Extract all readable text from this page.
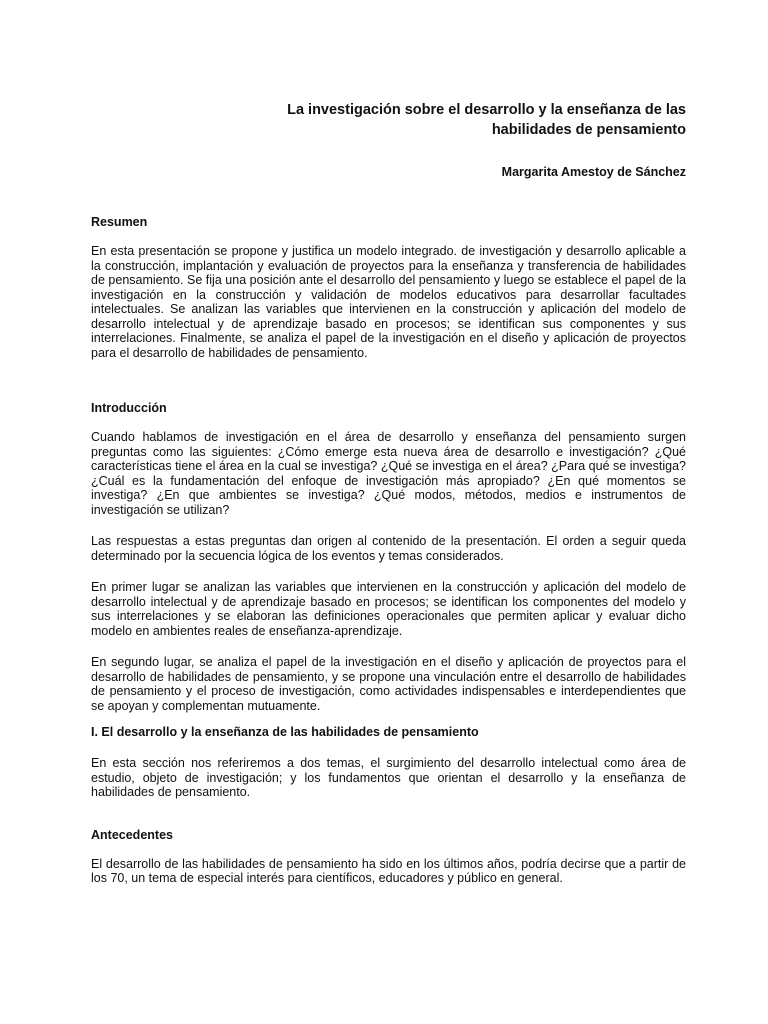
La investigación sobre el desarrollo y la enseñanza de las
habilidades de pensamiento
Margarita Amestoy de Sánchez
Resumen

En esta presentación se propone y justifica un modelo integrado. de investigación y desarrollo aplicable a la construcción, implantación y evaluación de proyectos para la enseñanza y transferencia de habilidades de pensamiento. Se fija una posición ante el desarrollo del pensamiento y luego se establece el papel de la investigación en la construcción y validación de modelos educativos para desarrollar facultades intelectuales. Se analizan las variables que intervienen en la construcción y aplicación del modelo de desarrollo intelectual y de aprendizaje basado en procesos; se identifican sus componentes y sus interrelaciones. Finalmente, se analiza el papel de la investigación en el diseño y aplicación de proyectos para el desarrollo de habilidades de pensamiento.

Introducción

Cuando hablamos de investigación en el área de desarrollo y enseñanza del pensamiento surgen preguntas como las siguientes: ¿Cómo emerge esta nueva área de desarrollo e investigación? ¿Qué características tiene el área en la cual se investiga? ¿Qué se investiga en el área? ¿Para qué se investiga? ¿Cuál es la fundamentación del enfoque de investigación más apropiado? ¿En qué momentos se investiga? ¿En que ambientes se investiga? ¿Qué modos, métodos, medios e instrumentos de investigación se utilizan?

Las respuestas a estas preguntas dan origen al contenido de la presentación. El orden a seguir queda determinado por la secuencia lógica de los eventos y temas considerados.

En primer lugar se analizan las variables que intervienen en la construcción y aplicación del modelo de desarrollo intelectual y de aprendizaje basado en procesos; se identifican los componentes del modelo y sus interrelaciones y se elaboran las definiciones operacionales que permiten aplicar y evaluar dicho modelo en ambientes reales de enseñanza-aprendizaje.

En segundo lugar, se analiza el papel de la investigación en el diseño y aplicación de proyectos para el desarrollo de habilidades de pensamiento, y se propone una vinculación entre el desarrollo de habilidades de pensamiento y el proceso de investigación, como actividades indispensables e interdependientes que se apoyan y complementan mutuamente.

I. El desarrollo y la enseñanza de las habilidades de pensamiento

En esta sección nos referiremos a dos temas, el surgimiento del desarrollo intelectual como área de estudio, objeto de investigación; y los fundamentos que orientan el desarrollo y la enseñanza de habilidades de pensamiento.

Antecedentes

El desarrollo de las habilidades de pensamiento ha sido en los últimos años, podría decirse que a partir de los 70, un tema de especial interés para científicos, educadores y público en general.
